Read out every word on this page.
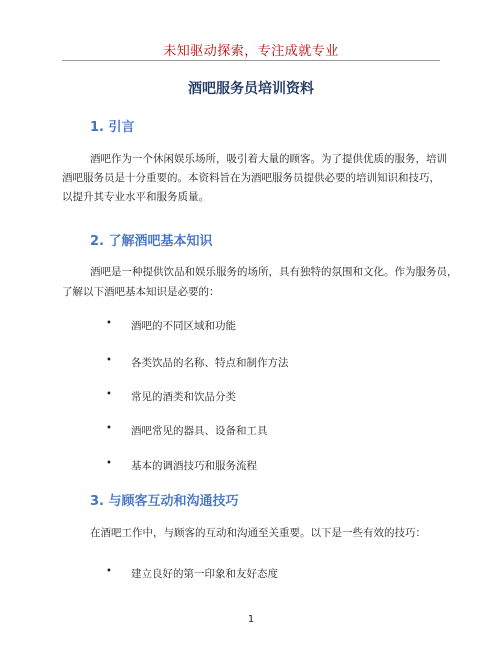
未知驱动探索，专注成就专业
酒吧服务员培训资料
1. 引言
酒吧作为一个休闲娱乐场所，吸引着大量的顾客。为了提供优质的服务，培训
酒吧服务员是十分重要的。本资料旨在为酒吧服务员提供必要的培训知识和技巧，
以提升其专业水平和服务质量。
2. 了解酒吧基本知识
酒吧是一种提供饮品和娱乐服务的场所，具有独特的氛围和文化。作为服务员，
了解以下酒吧基本知识是必要的：
• 酒吧的不同区域和功能
• 各类饮品的名称、特点和制作方法
• 常见的酒类和饮品分类
• 酒吧常见的器具、设备和工具
• 基本的调酒技巧和服务流程
3. 与顾客互动和沟通技巧
在酒吧工作中，与顾客的互动和沟通至关重要。以下是一些有效的技巧：
• 建立良好的第一印象和友好态度
1
